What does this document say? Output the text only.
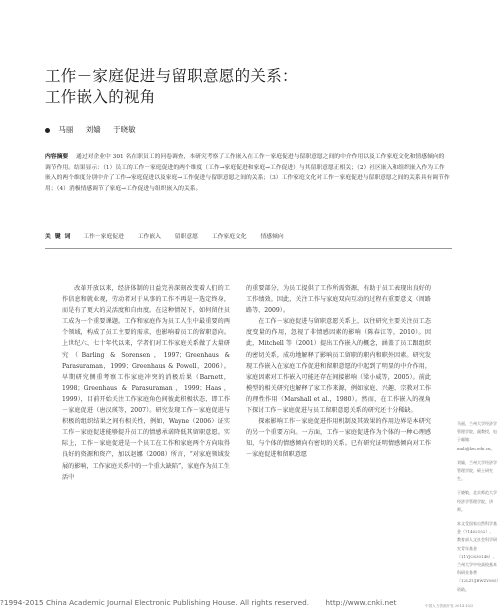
工作－家庭促进与留职意愿的关系：
工作嵌入的视角
马丽 刘嫱 于晓敏
内容摘要 通过对企业中 301 名在职员工的问卷调查，本研究考察了工作嵌入在工作－家庭促进与留职意愿之间的中介作用以及工作家庭文化和情感倾向的调节作用。结果显示：（1）员工的工作－家庭促进的两个维度（工作→家庭促进和家庭→工作促进）与其留职意愿正相关；（2）社区嵌入和组织嵌入作为工作嵌入的两个维度分别中介了工作→家庭促进以及家庭→工作促进与留职意愿之间的关系；（3）工作家庭文化对工作－家庭促进与留职意愿之间的关系具有调节作用；（4）消极情感调节了家庭→工作促进与组织嵌入的关系。
关 键 词 工作－家庭促进 工作嵌入 留职意愿 工作家庭文化 情感倾向

改革开放以来，经济体制的日益完善深刻改变着人们的工作信息和就业观，劳动者对于从事的工作不再是一选定终身，而是有了更大的灵活度和自由度。在这种情况下，如何留住员工成为一个重要课题。工作和家庭作为员工人生中最重要的两个领域，构成了员工主要的需求，也影响着员工的留职意向。上世纪六、七十年代以来，学者们对工作家庭关系做了大量研究（Barling & Sorensen，1997；Greenhaus & Parasuraman，1999；Greenhaus & Powell，2006）。早期研究侧重考察工作家庭冲突的消极后果（Barnett，1998；Greenhaus & Parasuraman，1999；Haas，1999），目前开始关注工作家庭角色间彼此积极状态，即工作－家庭促进（唐汉瑛等，2007）。研究发现工作－家庭促进与积极的组织结果之间有相关性，例如，Wayne（2006）证实工作－家庭促进能够提升员工的情感承诺降低其留职意愿。实际上，工作－家庭促进是一个员工在工作和家庭两个方向取得良好的资源和资产，加以赵娜（2008）所言，“对家庭领域发展的影响，工作家庭关系中的一个重大缺陷”，家庭作为员工生活中

的重要部分，为员工提供了工作所需资源，有助于员工表现出良好的工作绩效。因此，关注工作与家庭双向互动的过程有重要意义（周路路等，2009）。

在工作－家庭促进与留职意愿关系上，以往研究主要关注员工态度变量的作用，忽视了非情感因素的影响（陈春江等，2010）。因此，Mitchell 等（2001）提出工作嵌入的概念，涵盖了员工跟组织的密切关系，成功地解释了影响员工留职的职内和职外因素。研究发现工作嵌入在家庭工作促进和留职意愿的中起到了明显的中介作用，家庭因素对工作嵌入可能还存在间接影响（梁小威等，2005）。前此模型的相关研究也解释了家工作来源，例如家庭、兴趣、宗教对工作的理性作用（Marshall et al.，1980）。然而，在工作嵌入的视角下探讨工作－家庭促进与员工留职意愿关系的研究还十分稀缺。

探索影响工作－家庭促进作用机制及其效果的作用边界是本研究的另一个重要方向。一方面，工作－家庭促进作为个体的一种心理感知，与个体的情感倾向有密切的关系。已有研究证明情感倾向对工作－家庭促进和留职意愿

马丽，兰州大学经济学管理学院，副教授，电子邮箱：mali@lzu.edu.cn。

刘嫱，兰州大学经济学管理学院，硕士研究生。

于晓敏，北京师范大学经济学管理学院，讲师。

本文受国家自然科学基金（71402152）、教育部人文社会科学研究青年基金（11YJC630148）、兰州大学中央高校基本科研业务费（12LZUJBWZY085）资助。

?1994-2015 China Academic Journal Electronic Publishing House. All rights reserved. http://www.cnki.net	中国人力资源开发 2014.10/2
